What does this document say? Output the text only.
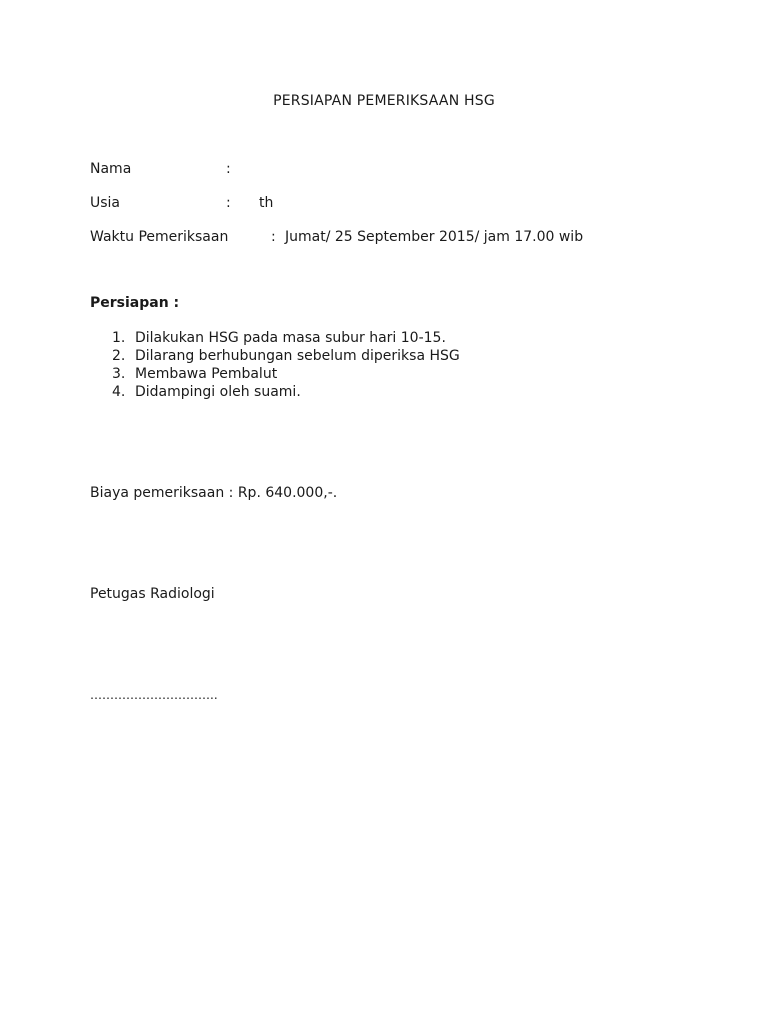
PERSIAPAN PEMERIKSAAN HSG
Nama	:
Usia	: th
Waktu Pemeriksaan	: Jumat/ 25 September 2015/ jam 17.00 wib
Persiapan :
1. Dilakukan HSG pada masa subur hari 10-15.
2. Dilarang berhubungan sebelum diperiksa HSG
3. Membawa Pembalut
4. Didampingi oleh suami.
Biaya pemeriksaan : Rp. 640.000,-.
Petugas Radiologi
…………………………..
